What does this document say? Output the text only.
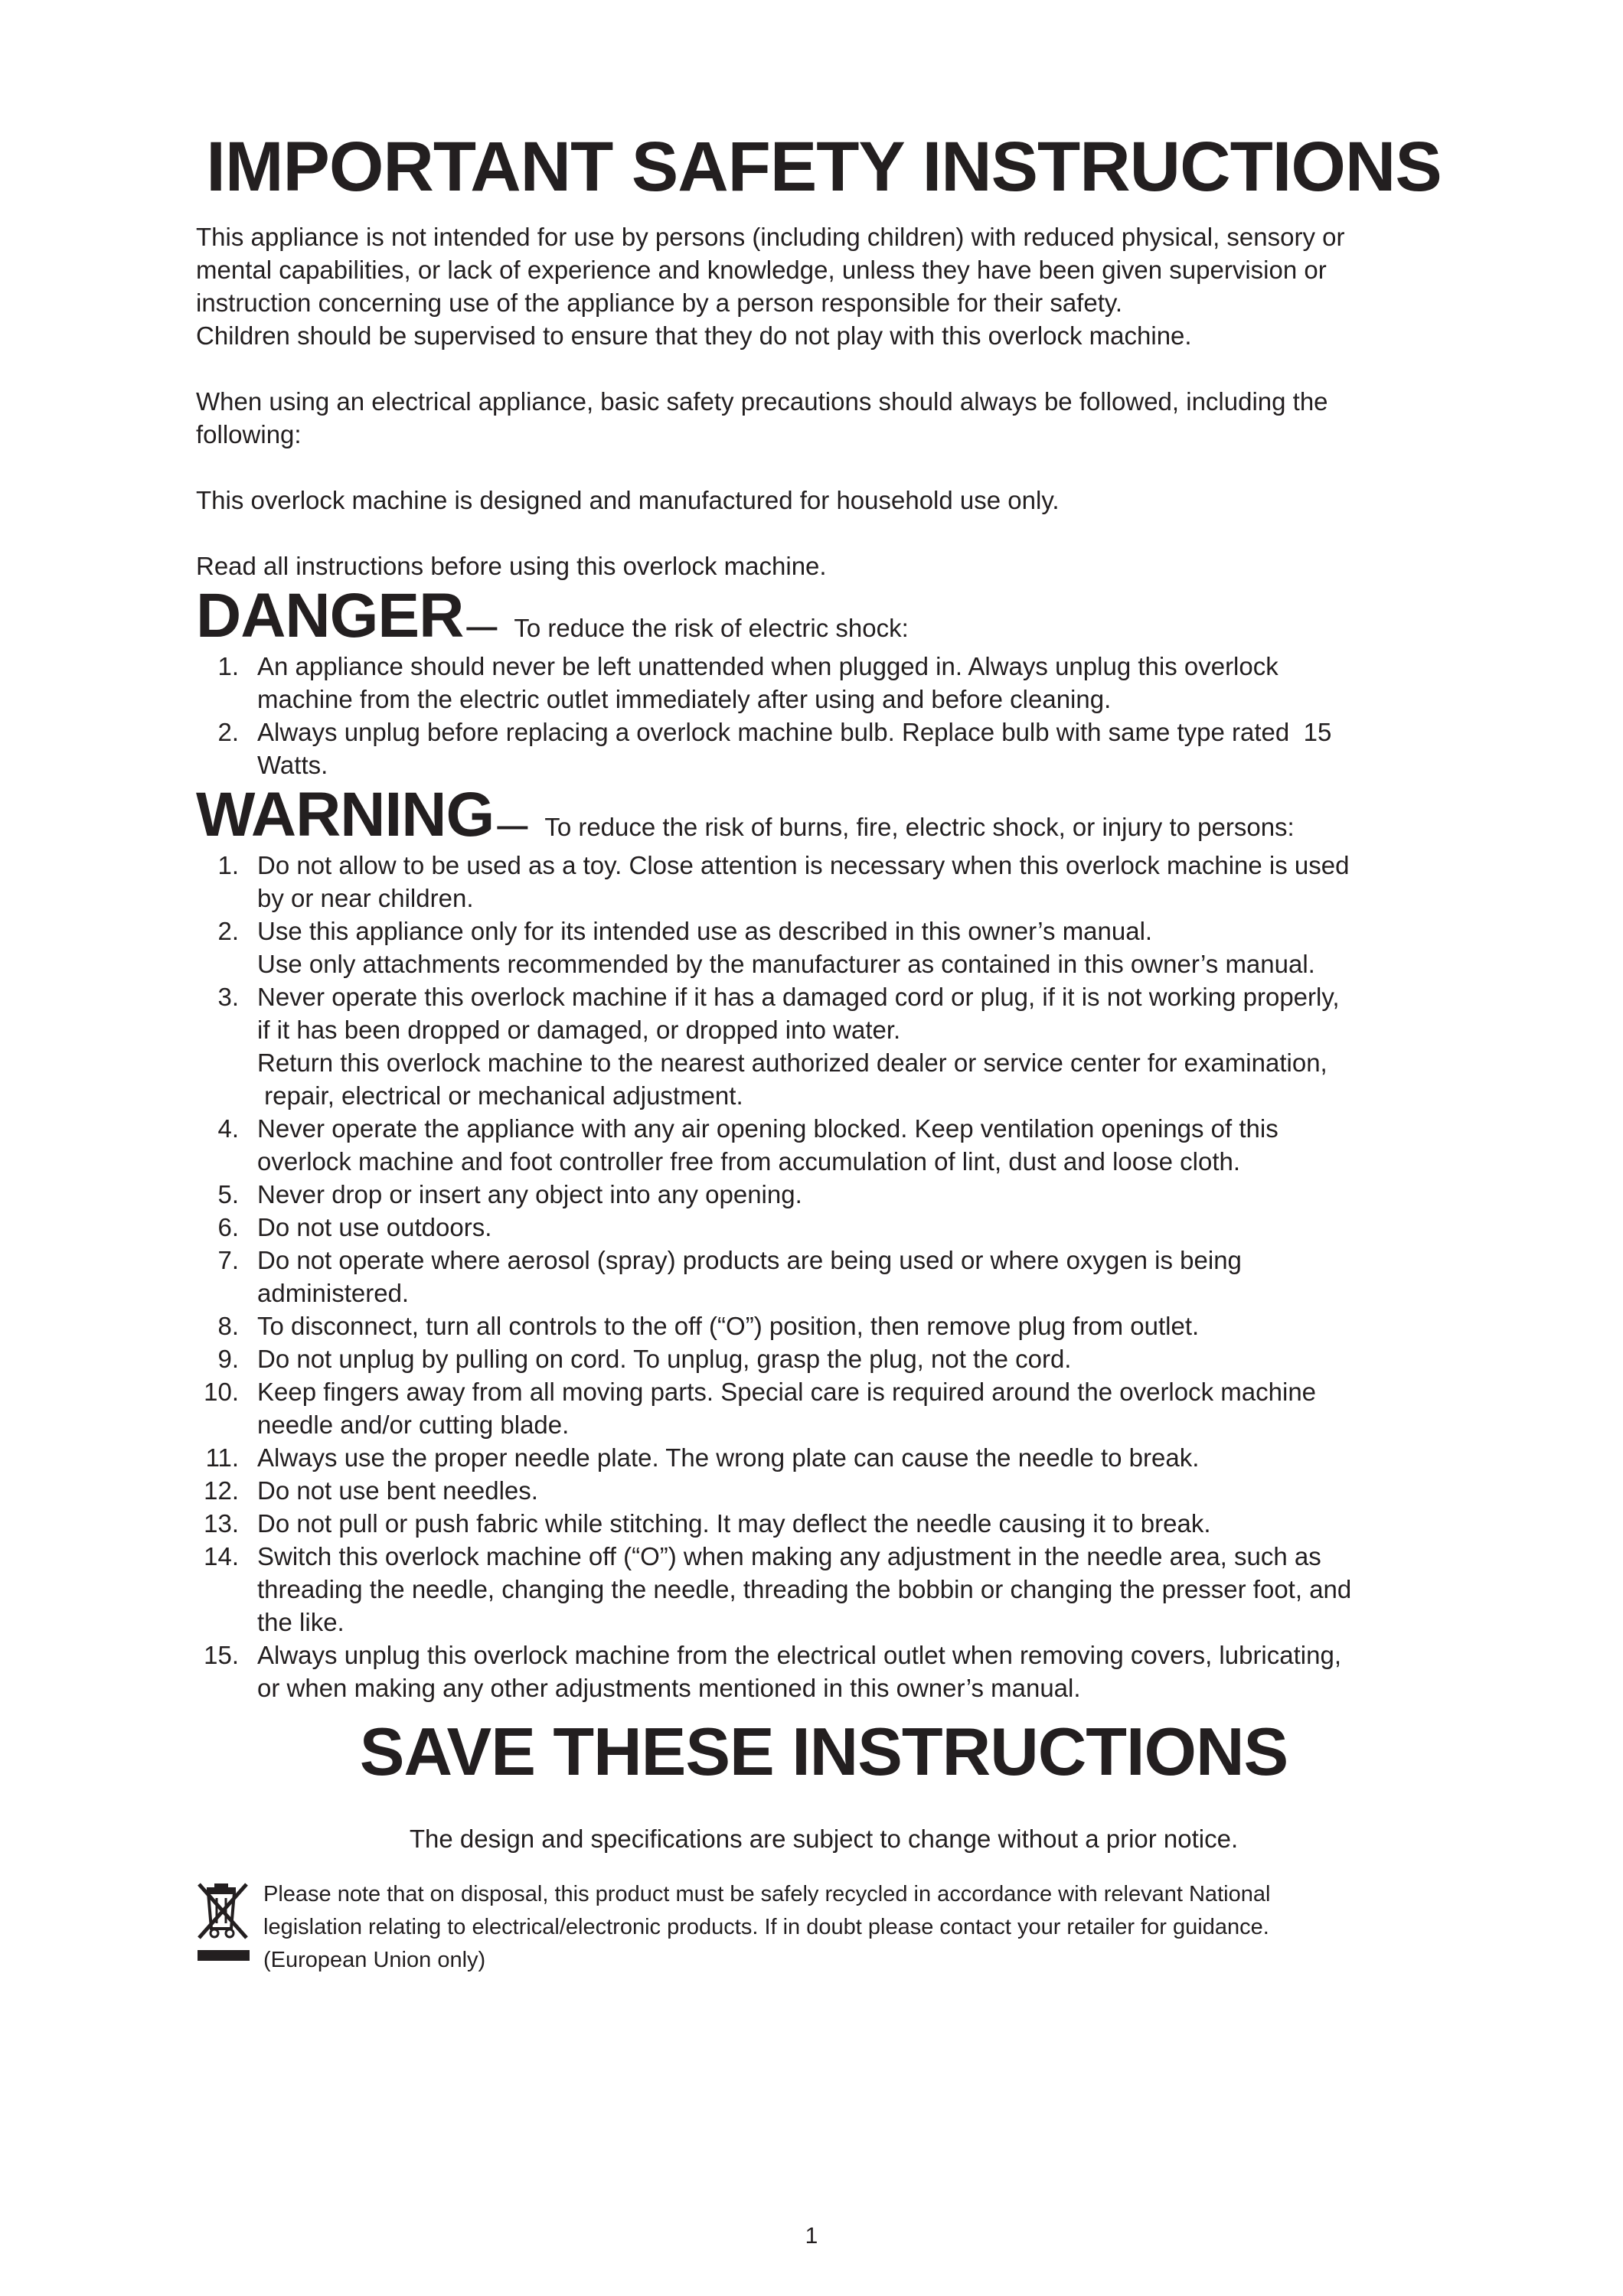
IMPORTANT SAFETY INSTRUCTIONS

This appliance is not intended for use by persons (including children) with reduced physical, sensory or

mental capabilities, or lack of experience and knowledge, unless they have been given supervision or

instruction concerning use of the appliance by a person responsible for their safety.

Children should be supervised to ensure that they do not play with this overlock machine.

When using an electrical appliance, basic safety precautions should always be followed, including the

following:

This overlock machine is designed and manufactured for household use only.

Read all instructions before using this overlock machine.

DANGER — To reduce the risk of electric shock:
1. An appliance should never be left unattended when plugged in. Always unplug this overlock
machine from the electric outlet immediately after using and before cleaning.
2. Always unplug before replacing a overlock machine bulb. Replace bulb with same type rated  15
Watts.
WARNING — To reduce the risk of burns, fire, electric shock, or injury to persons:
1. Do not allow to be used as a toy. Close attention is necessary when this overlock machine is used
by or near children.
2. Use this appliance only for its intended use as described in this owner’s manual.
Use only attachments recommended by the manufacturer as contained in this owner’s manual.
3. Never operate this overlock machine if it has a damaged cord or plug, if it is not working properly,
if it has been dropped or damaged, or dropped into water.
Return this overlock machine to the nearest authorized dealer or service center for examination,
repair, electrical or mechanical adjustment.
4. Never operate the appliance with any air opening blocked. Keep ventilation openings of this
overlock machine and foot controller free from accumulation of lint, dust and loose cloth.
5. Never drop or insert any object into any opening.
6. Do not use outdoors.
7. Do not operate where aerosol (spray) products are being used or where oxygen is being
administered.
8. To disconnect, turn all controls to the off (“O”) position, then remove plug from outlet.
9. Do not unplug by pulling on cord. To unplug, grasp the plug, not the cord.
10. Keep fingers away from all moving parts. Special care is required around the overlock machine
needle and/or cutting blade.
11. Always use the proper needle plate. The wrong plate can cause the needle to break.
12. Do not use bent needles.
13. Do not pull or push fabric while stitching. It may deflect the needle causing it to break.
14. Switch this overlock machine off (“O”) when making any adjustment in the needle area, such as
threading the needle, changing the needle, threading the bobbin or changing the presser foot, and
the like.
15. Always unplug this overlock machine from the electrical outlet when removing covers, lubricating,
or when making any other adjustments mentioned in this owner’s manual.
SAVE THESE INSTRUCTIONS

The design and specifications are subject to change without a prior notice.

Please note that on disposal, this product must be safely recycled in accordance with relevant National
legislation relating to electrical/electronic products. If in doubt please contact your retailer for guidance.
(European Union only)
1
